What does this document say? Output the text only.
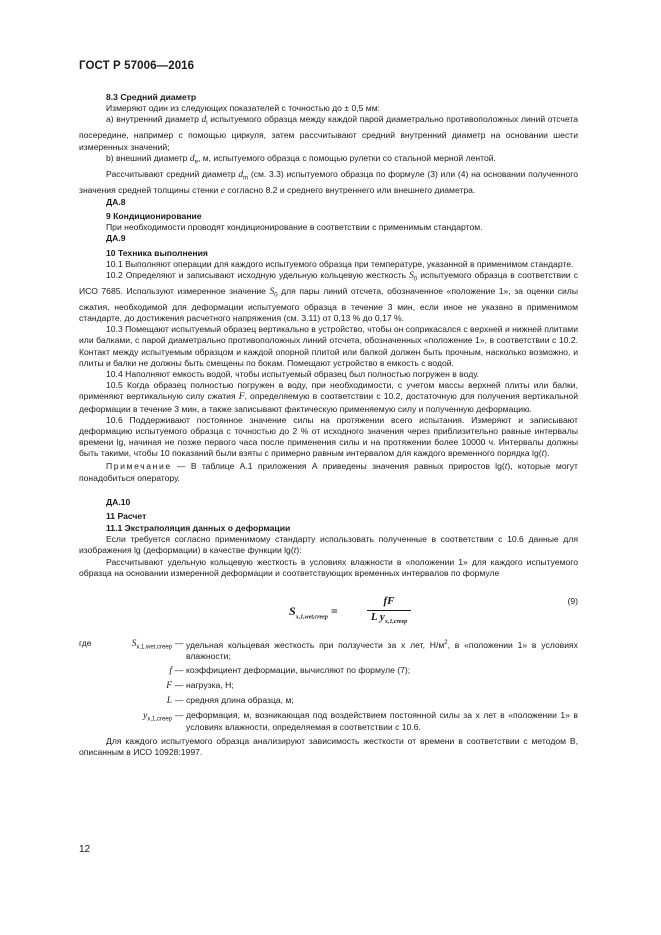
ГОСТ Р 57006—2016

8.3 Средний диаметр

Измеряют один из следующих показателей с точностью до ± 0,5 мм:

а) внутренний диаметр $d_i$ испытуемого образца между каждой парой диаметрально противоположных линий отсчета посередине, например с помощью циркуля, затем рассчитывают средний внутренний диаметр на основании шести измеренных значений;

b) внешний диаметр $d_e$, м, испытуемого образца с помощью рулетки со стальной мерной лентой.

Рассчитывают средний диаметр $d_m$ (см. 3.3) испытуемого образца по формуле (3) или (4) на основании полученного значения средней толщины стенки e согласно 8.2 и среднего внутреннего или внешнего диаметра.

ДА.8

9 Кондиционирование

При необходимости проводят кондиционирование в соответствии с применимым стандартом.

ДА.9

10 Техника выполнения

10.1 Выполняют операции для каждого испытуемого образца при температуре, указанной в применимом стандарте.

10.2 Определяют и записывают исходную удельную кольцевую жесткость $S_0$ испытуемого образца в соответствии с ИСО 7685. Используют измеренное значение $S_0$ для пары линий отсчета, обозначенное «положение 1», за оценки силы сжатия, необходимой для деформации испытуемого образца в течение 3 мин, если иное не указано в применимом стандарте, до достижения расчетного напряжения (см. 3.11) от 0,13 % до 0,17 %.

10.3 Помещают испытуемый образец вертикально в устройство, чтобы он соприкасался с верхней и нижней плитами или балками, с парой диаметрально противоположных линий отсчета, обозначенных «положение 1», в соответствии с 10.2. Контакт между испытуемым образцом и каждой опорной плитой или балкой должен быть прочным, насколько возможно, и плиты и балки не должны быть смещены по бокам. Помещают устройство в емкость с водой.

10.4 Наполняют емкость водой, чтобы испытуемый образец был полностью погружен в воду.

10.5 Когда образец полностью погружен в воду, при необходимости, с учетом массы верхней плиты или балки, применяют вертикальную силу сжатия F, определяемую в соответствии с 10.2, достаточную для получения вертикальной деформации в течение 3 мин, а также записывают фактическую применяемую силу и полученную деформацию.

10.6 Поддерживают постоянное значение силы на протяжении всего испытания. Измеряют и записывают деформацию испытуемого образца с точностью до 2 % от исходного значения через приблизительно равные интервалы времени lg, начиная не позже первого часа после применения силы и на протяжении более 10000 ч. Интервалы должны быть такими, чтобы 10 показаний были взяты с примерно равным интервалом для каждого временного порядка lg(t).

Примечание — В таблице А.1 приложения А приведены значения равных приростов lg(t), которые могут понадобиться оператору.

ДА.10

11 Расчет

11.1 Экстраполяция данных о деформации

Если требуется согласно применимому стандарту использовать полученные в соответствии с 10.6 данные для изображения lg (деформации) в качестве функции lg(t):

Рассчитывают удельную кольцевую жесткость в условиях влажности в «положении 1» для каждого испытуемого образца на основании измеренной деформации и соответствующих временных интервалов по формуле

$S_{x,1,wet,creep}$ =
fF
L $y_{x,1,creep}$
(9)
где	$S_{x,1,wet,creep}$ — удельная кольцевая жесткость при ползучести за x лет, $Н/м^2$, в «положении 1» в условиях влажности;
f — коэффициент деформации, вычисляют по формуле (7);
F — нагрузка, Н;
L — средняя длина образца, м;
$y_{x,1,creep}$ — деформация, м, возникающая под воздействием постоянной силы за x лет в «положении 1» в условиях влажности, определяемая в соответствии с 10.6.

Для каждого испытуемого образца анализируют зависимость жесткости от времени в соответствии с методом В, описанным в ИСО 10928:1997.

12
